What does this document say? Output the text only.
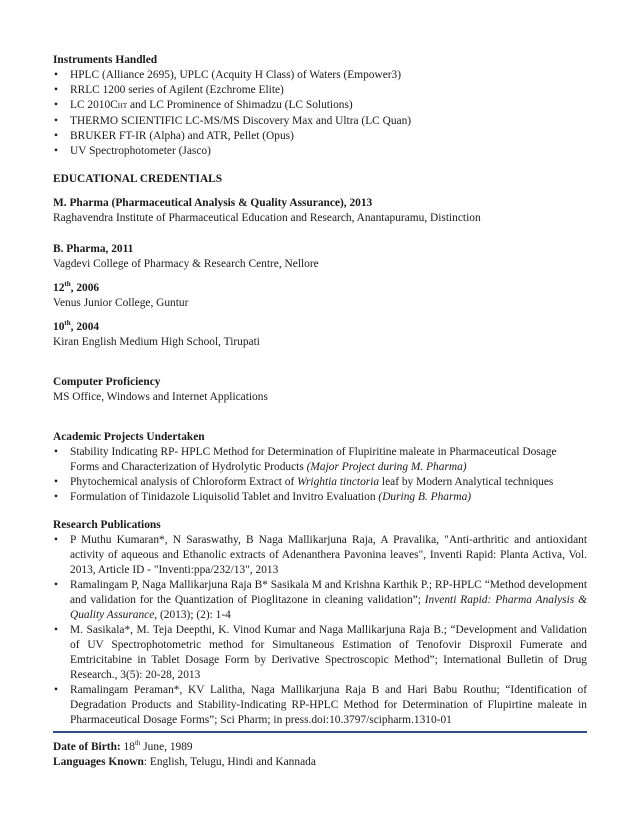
Instruments Handled

• HPLC (Alliance 2695), UPLC (Acquity H Class) of Waters (Empower3)
• RRLC 1200 series of Agilent (Ezchrome Elite)
• LC 2010CHT and LC Prominence of Shimadzu (LC Solutions)
• THERMO SCIENTIFIC LC-MS/MS Discovery Max and Ultra (LC Quan)
• BRUKER FT-IR (Alpha) and ATR, Pellet (Opus)
• UV Spectrophotometer (Jasco)

EDUCATIONAL CREDENTIALS

M. Pharma (Pharmaceutical Analysis & Quality Assurance), 2013

Raghavendra Institute of Pharmaceutical Education and Research, Anantapuramu, Distinction

B. Pharma, 2011

Vagdevi College of Pharmacy & Research Centre, Nellore

12th, 2006

Venus Junior College, Guntur

10th, 2004

Kiran English Medium High School, Tirupati

Computer Proficiency

MS Office, Windows and Internet Applications

Academic Projects Undertaken

• Stability Indicating RP- HPLC Method for Determination of Flupiritine maleate in Pharmaceutical Dosage Forms and Characterization of Hydrolytic Products (Major Project during M. Pharma)
• Phytochemical analysis of Chloroform Extract of Wrightia tinctoria leaf by Modern Analytical techniques
• Formulation of Tinidazole Liquisolid Tablet and Invitro Evaluation (During B. Pharma)

Research Publications

• P Muthu Kumaran*, N Saraswathy, B Naga Mallikarjuna Raja, A Pravalika, "Anti-arthritic and antioxidant activity of aqueous and Ethanolic extracts of Adenanthera Pavonina leaves", Inventi Rapid: Planta Activa, Vol. 2013, Article ID - "Inventi:ppa/232/13", 2013
• Ramalingam P, Naga Mallikarjuna Raja B* Sasikala M and Krishna Karthik P.; RP-HPLC “Method development and validation for the Quantization of Pioglitazone in cleaning validation”; Inventi Rapid: Pharma Analysis & Quality Assurance, (2013); (2): 1-4
• M. Sasikala*, M. Teja Deepthi, K. Vinod Kumar and Naga Mallikarjuna Raja B.; “Development and Validation of UV Spectrophotometric method for Simultaneous Estimation of Tenofovir Disproxil Fumerate and Emtricitabine in Tablet Dosage Form by Derivative Spectroscopic Method”; International Bulletin of Drug Research., 3(5): 20-28, 2013
• Ramalingam Peraman*, KV Lalitha, Naga Mallikarjuna Raja B and Hari Babu Routhu; “Identification of Degradation Products and Stability-Indicating RP-HPLC Method for Determination of Flupirtine maleate in Pharmaceutical Dosage Forms”; Sci Pharm; in press.doi:10.3797/scipharm.1310-01

Date of Birth: 18th June, 1989

Languages Known: English, Telugu, Hindi and Kannada
